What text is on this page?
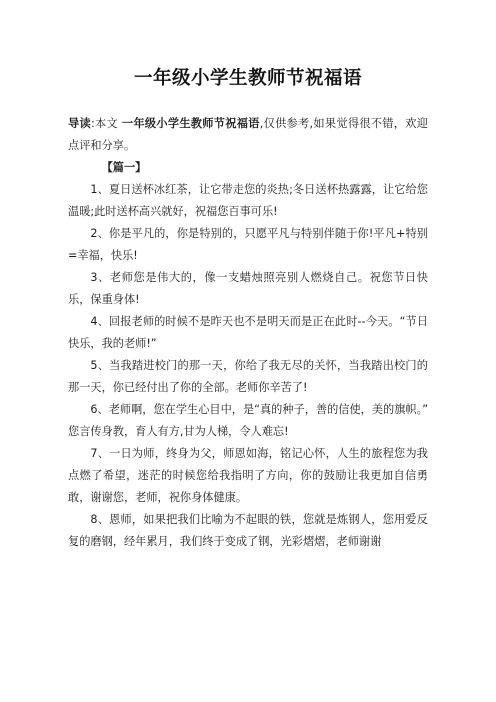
一年级小学生教师节祝福语

导读:本文 一年级小学生教师节祝福语,仅供参考,如果觉得很不错，欢迎点评和分享。

【篇一】

1、夏日送杯冰红茶，让它带走您的炎热;冬日送杯热露露，让它给您温暖;此时送杯高兴就好，祝福您百事可乐!

2、你是平凡的，你是特别的，只愿平凡与特别伴随于你!平凡+特别=幸福，快乐!

3、老师您是伟大的，像一支蜡烛照亮别人燃烧自己。祝您节日快乐，保重身体!

4、回报老师的时候不是昨天也不是明天而是正在此时--今天。“节日快乐，我的老师!”

5、当我踏进校门的那一天，你给了我无尽的关怀，当我踏出校门的那一天，你已经付出了你的全部。老师你辛苦了!

6、老师啊，您在学生心目中，是“真的种子，善的信使，美的旗帜。” 您言传身教，育人有方,甘为人梯，令人难忘!

7、一日为师，终身为父，师恩如海，铭记心怀，人生的旅程您为我点燃了希望，迷茫的时候您给我指明了方向，你的鼓励让我更加自信勇敢，谢谢您，老师，祝你身体健康。

8、恩师，如果把我们比喻为不起眼的铁，您就是炼钢人，您用爱反复的磨钢，经年累月，我们终于变成了钢，光彩熠熠，老师谢谢
